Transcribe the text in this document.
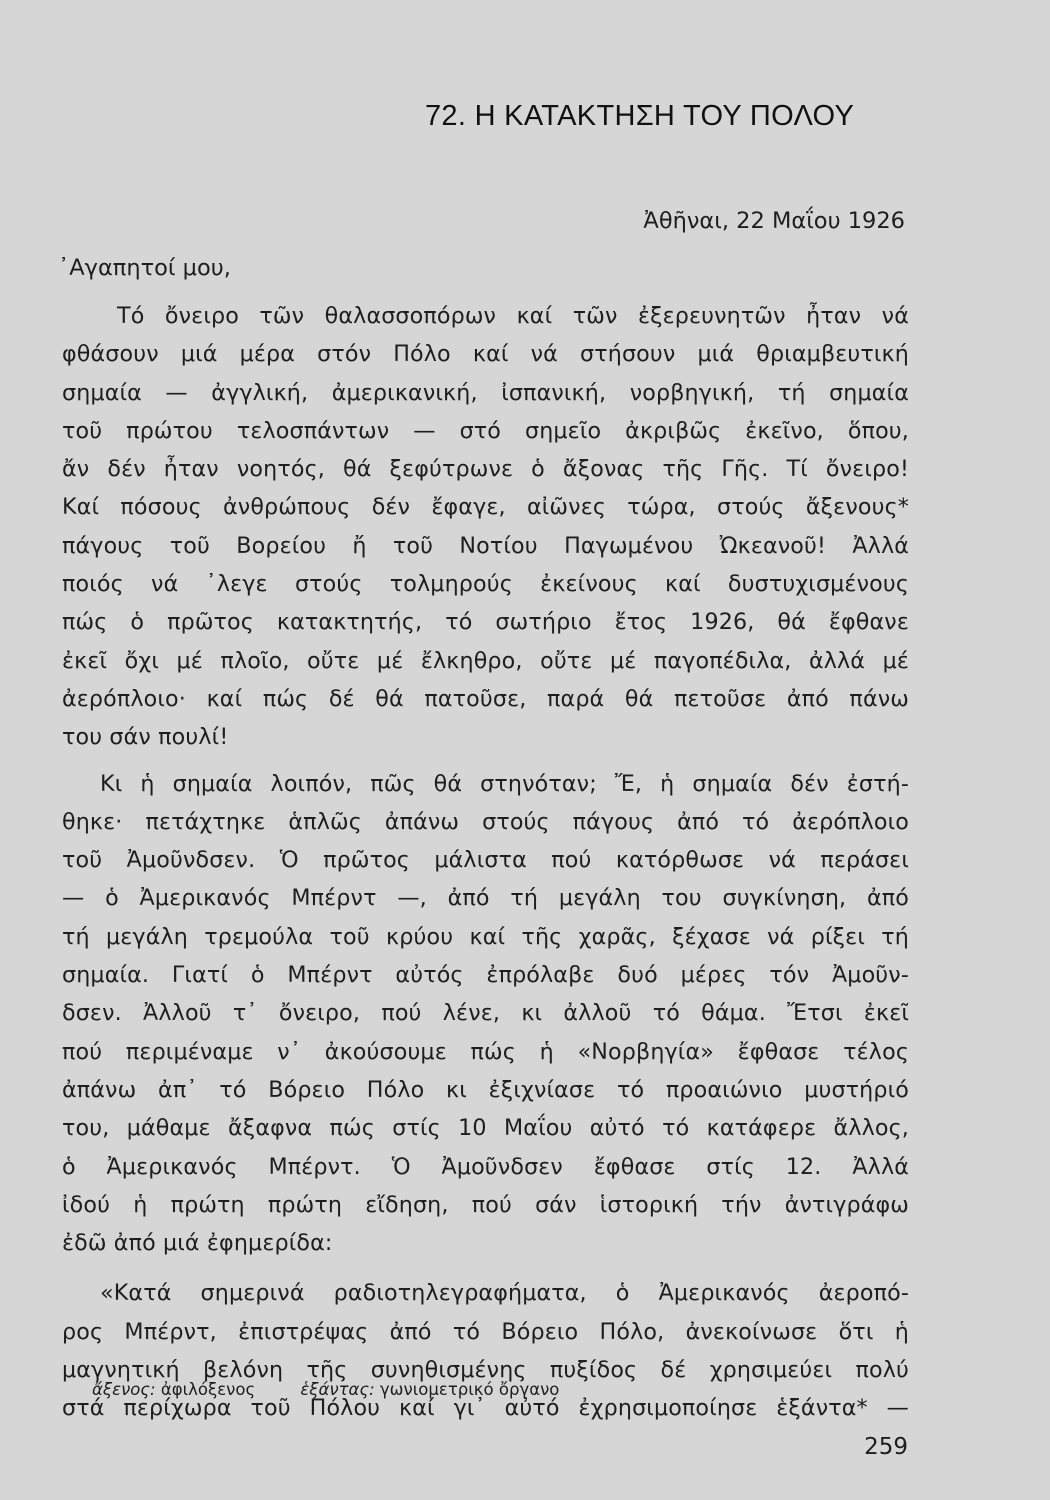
72. Η ΚΑΤΑΚΤΗΣΗ ΤΟΥ ΠΟΛΟΥ
Ἀθῆναι, 22 Μαΐου 1926
᾽Αγαπητοί μου,
Τό ὄνειρο τῶν θαλασσοπόρων καί τῶν ἐξερευνητῶν ἦταν νά
φθάσουν μιά μέρα στόν Πόλο καί νά στήσουν μιά θριαμβευτική
σημαία — ἀγγλική, ἀμερικανική, ἰσπανική, νορβηγική, τή σημαία
τοῦ πρώτου τελοσπάντων — στό σημεῖο ἀκριβῶς ἐκεῖνο, ὅπου,
ἄν δέν ἦταν νοητός, θά ξεφύτρωνε ὁ ἄξονας τῆς Γῆς. Τί ὄνειρο!
Καί πόσους ἀνθρώπους δέν ἔφαγε, αἰῶνες τώρα, στούς ἄξενους*
πάγους τοῦ Βορείου ἤ τοῦ Νοτίου Παγωμένου Ὠκεανοῦ! Ἀλλά
ποιός νά ᾽λεγε στούς τολμηρούς ἐκείνους καί δυστυχισμένους
πώς ὁ πρῶτος κατακτητής, τό σωτήριο ἔτος 1926, θά ἔφθανε
ἐκεῖ ὄχι μέ πλοῖο, οὔτε μέ ἔλκηθρο, οὔτε μέ παγοπέδιλα, ἀλλά μέ
ἀερόπλοιο· καί πώς δέ θά πατοῦσε, παρά θά πετοῦσε ἀπό πάνω
του σάν πουλί!
Κι ἡ σημαία λοιπόν, πῶς θά στηνόταν; Ἔ, ἡ σημαία δέν ἐστή-
θηκε· πετάχτηκε ἁπλῶς ἀπάνω στούς πάγους ἀπό τό ἀερόπλοιο
τοῦ Ἀμοῦνδσεν. Ὁ πρῶτος μάλιστα πού κατόρθωσε νά περάσει
— ὁ Ἀμερικανός Μπέρντ —, ἀπό τή μεγάλη του συγκίνηση, ἀπό
τή μεγάλη τρεμούλα τοῦ κρύου καί τῆς χαρᾶς, ξέχασε νά ρίξει τή
σημαία. Γιατί ὁ Μπέρντ αὐτός ἐπρόλαβε δυό μέρες τόν Ἀμοῦν-
δσεν. Ἀλλοῦ τ᾽ ὄνειρο, πού λένε, κι ἀλλοῦ τό θάμα. Ἔτσι ἐκεῖ
πού περιμέναμε ν᾽ ἀκούσουμε πώς ἡ «Νορβηγία» ἔφθασε τέλος
ἀπάνω ἀπ᾽ τό Βόρειο Πόλο κι ἐξιχνίασε τό προαιώνιο μυστήριό
του, μάθαμε ἄξαφνα πώς στίς 10 Μαΐου αὐτό τό κατάφερε ἄλλος,
ὁ Ἀμερικανός Μπέρντ. Ὁ Ἀμοῦνδσεν ἔφθασε στίς 12. Ἀλλά
ἰδού ἡ πρώτη πρώτη εἴδηση, πού σάν ἱστορική τήν ἀντιγράφω
ἐδῶ ἀπό μιά ἐφημερίδα:
«Κατά σημερινά ραδιοτηλεγραφήματα, ὁ Ἀμερικανός ἀεροπό-
ρος Μπέρντ, ἐπιστρέψας ἀπό τό Βόρειο Πόλο, ἀνεκοίνωσε ὅτι ἡ
μαγνητική βελόνη τῆς συνηθισμένης πυξίδος δέ χρησιμεύει πολύ
στά περίχωρα τοῦ Πόλου καί γι᾽ αὐτό ἐχρησιμοποίησε ἑξάντα* —
ἄξενος: ἀφιλόξενος	ἑξάντας: γωνιομετρικό ὄργανο
259
